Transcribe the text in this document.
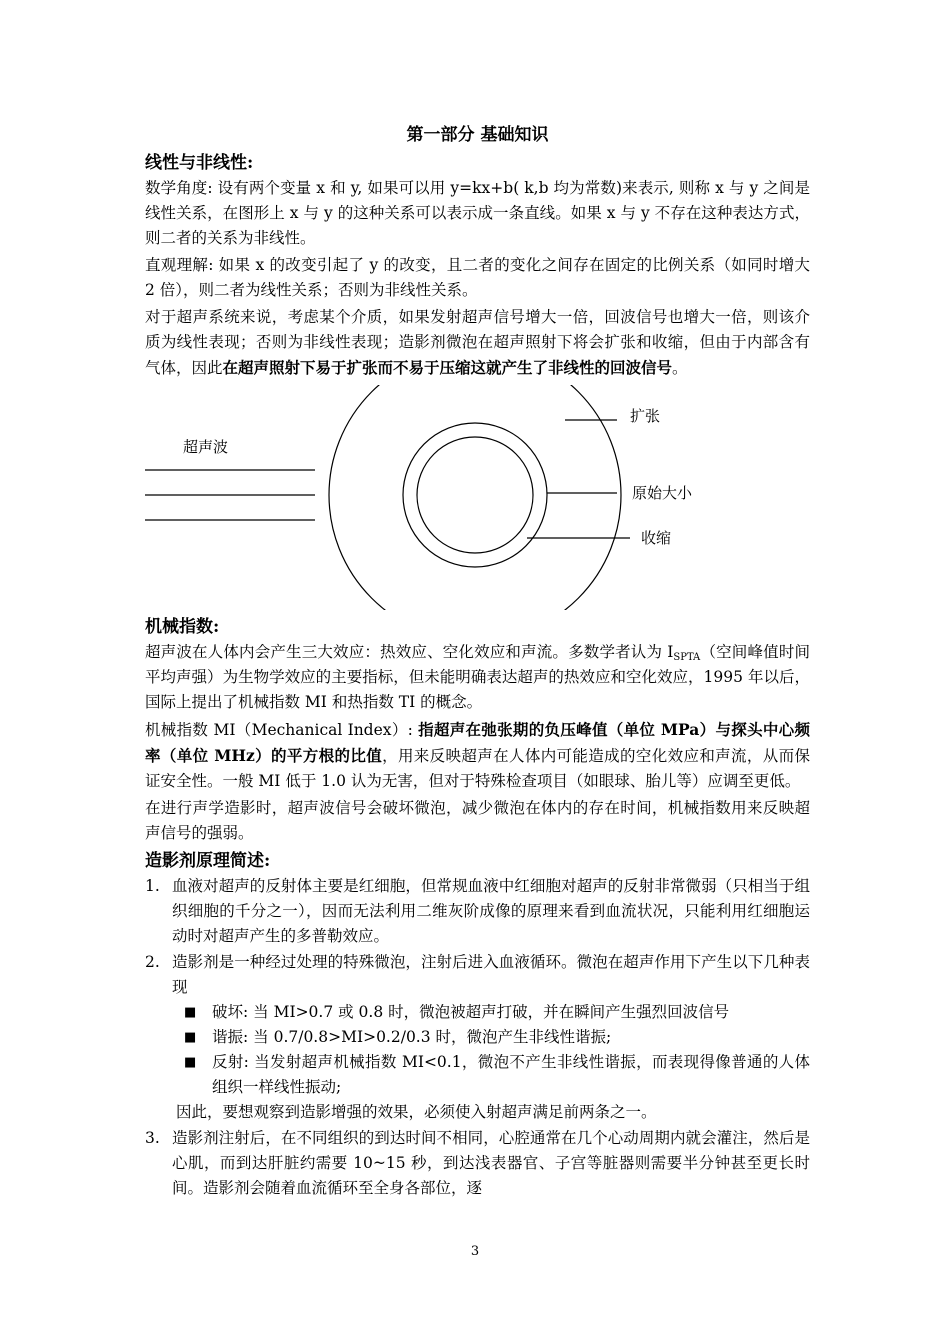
第一部分 基础知识
线性与非线性:

数学角度: 设有两个变量 x 和 y, 如果可以用 y=kx+b( k,b 均为常数)来表示, 则称 x 与 y 之间是线性关系，在图形上 x 与 y 的这种关系可以表示成一条直线。如果 x 与 y 不存在这种表达方式，则二者的关系为非线性。

直观理解: 如果 x 的改变引起了 y 的改变，且二者的变化之间存在固定的比例关系（如同时增大 2 倍），则二者为线性关系；否则为非线性关系。

对于超声系统来说，考虑某个介质，如果发射超声信号增大一倍，回波信号也增大一倍，则该介质为线性表现；否则为非线性表现；造影剂微泡在超声照射下将会扩张和收缩，但由于内部含有气体，因此在超声照射下易于扩张而不易于压缩这就产生了非线性的回波信号。

超声波
扩张
原始大小
收缩
机械指数:

超声波在人体内会产生三大效应：热效应、空化效应和声流。多数学者认为 $I_{SPTA}$（空间峰值时间平均声强）为生物学效应的主要指标，但未能明确表达超声的热效应和空化效应，1995 年以后，国际上提出了机械指数 MI 和热指数 TI 的概念。

机械指数 MI（Mechanical Index）: 指超声在弛张期的负压峰值（单位 MPa）与探头中心频率（单位 MHz）的平方根的比值，用来反映超声在人体内可能造成的空化效应和声流，从而保证安全性。一般 MI 低于 1.0 认为无害，但对于特殊检查项目（如眼球、胎儿等）应调至更低。

在进行声学造影时，超声波信号会破坏微泡，减少微泡在体内的存在时间，机械指数用来反映超声信号的强弱。

造影剂原理简述:
1. 血液对超声的反射体主要是红细胞，但常规血液中红细胞对超声的反射非常微弱（只相当于组织细胞的千分之一），因而无法利用二维灰阶成像的原理来看到血流状况，只能利用红细胞运动时对超声产生的多普勒效应。
2. 造影剂是一种经过处理的特殊微泡，注射后进入血液循环。微泡在超声作用下产生以下几种表现
■ 破坏: 当 MI>0.7 或 0.8 时，微泡被超声打破，并在瞬间产生强烈回波信号
■ 谐振: 当 0.7/0.8>MI>0.2/0.3 时，微泡产生非线性谐振;
■ 反射: 当发射超声机械指数 MI<0.1，微泡不产生非线性谐振，而表现得像普通的人体组织一样线性振动;
因此，要想观察到造影增强的效果，必须使入射超声满足前两条之一。
3. 造影剂注射后，在不同组织的到达时间不相同，心腔通常在几个心动周期内就会灌注，然后是心肌，而到达肝脏约需要 10~15 秒，到达浅表器官、子宫等脏器则需要半分钟甚至更长时间。造影剂会随着血流循环至全身各部位，逐
3
